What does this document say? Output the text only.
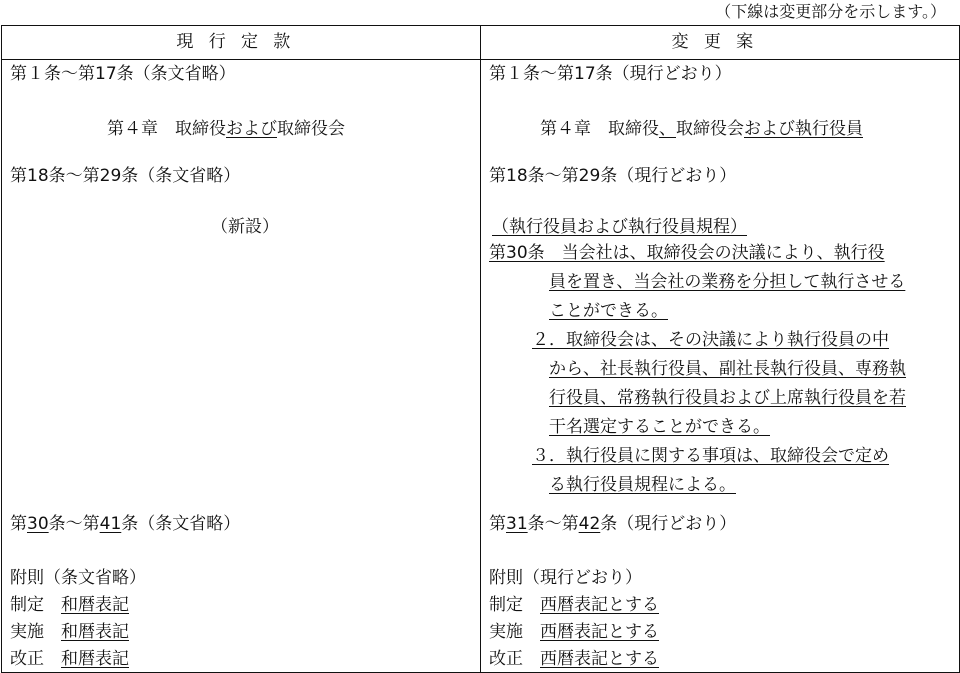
（下線は変更部分を示します。）
現行定款	変更案
第１条～第17条（条文省略）
第４章　取締役および取締役会
第18条～第29条（条文省略）
（新設）
第30条～第41条（条文省略）
附則（条文省略）
制定　和暦表記
実施　和暦表記
改正　和暦表記
第１条～第17条（現行どおり）
第４章　取締役、取締役会および執行役員
第18条～第29条（現行どおり）
（執行役員および執行役員規程）
第30条　当会社は、取締役会の決議により、執行役
員を置き、当会社の業務を分担して執行させる
ことができる。
２．取締役会は、その決議により執行役員の中
から、社長執行役員、副社長執行役員、専務執
行役員、常務執行役員および上席執行役員を若
干名選定することができる。
３．執行役員に関する事項は、取締役会で定め
る執行役員規程による。
第31条～第42条（現行どおり）
附則（現行どおり）
制定　西暦表記とする
実施　西暦表記とする
改正　西暦表記とする
